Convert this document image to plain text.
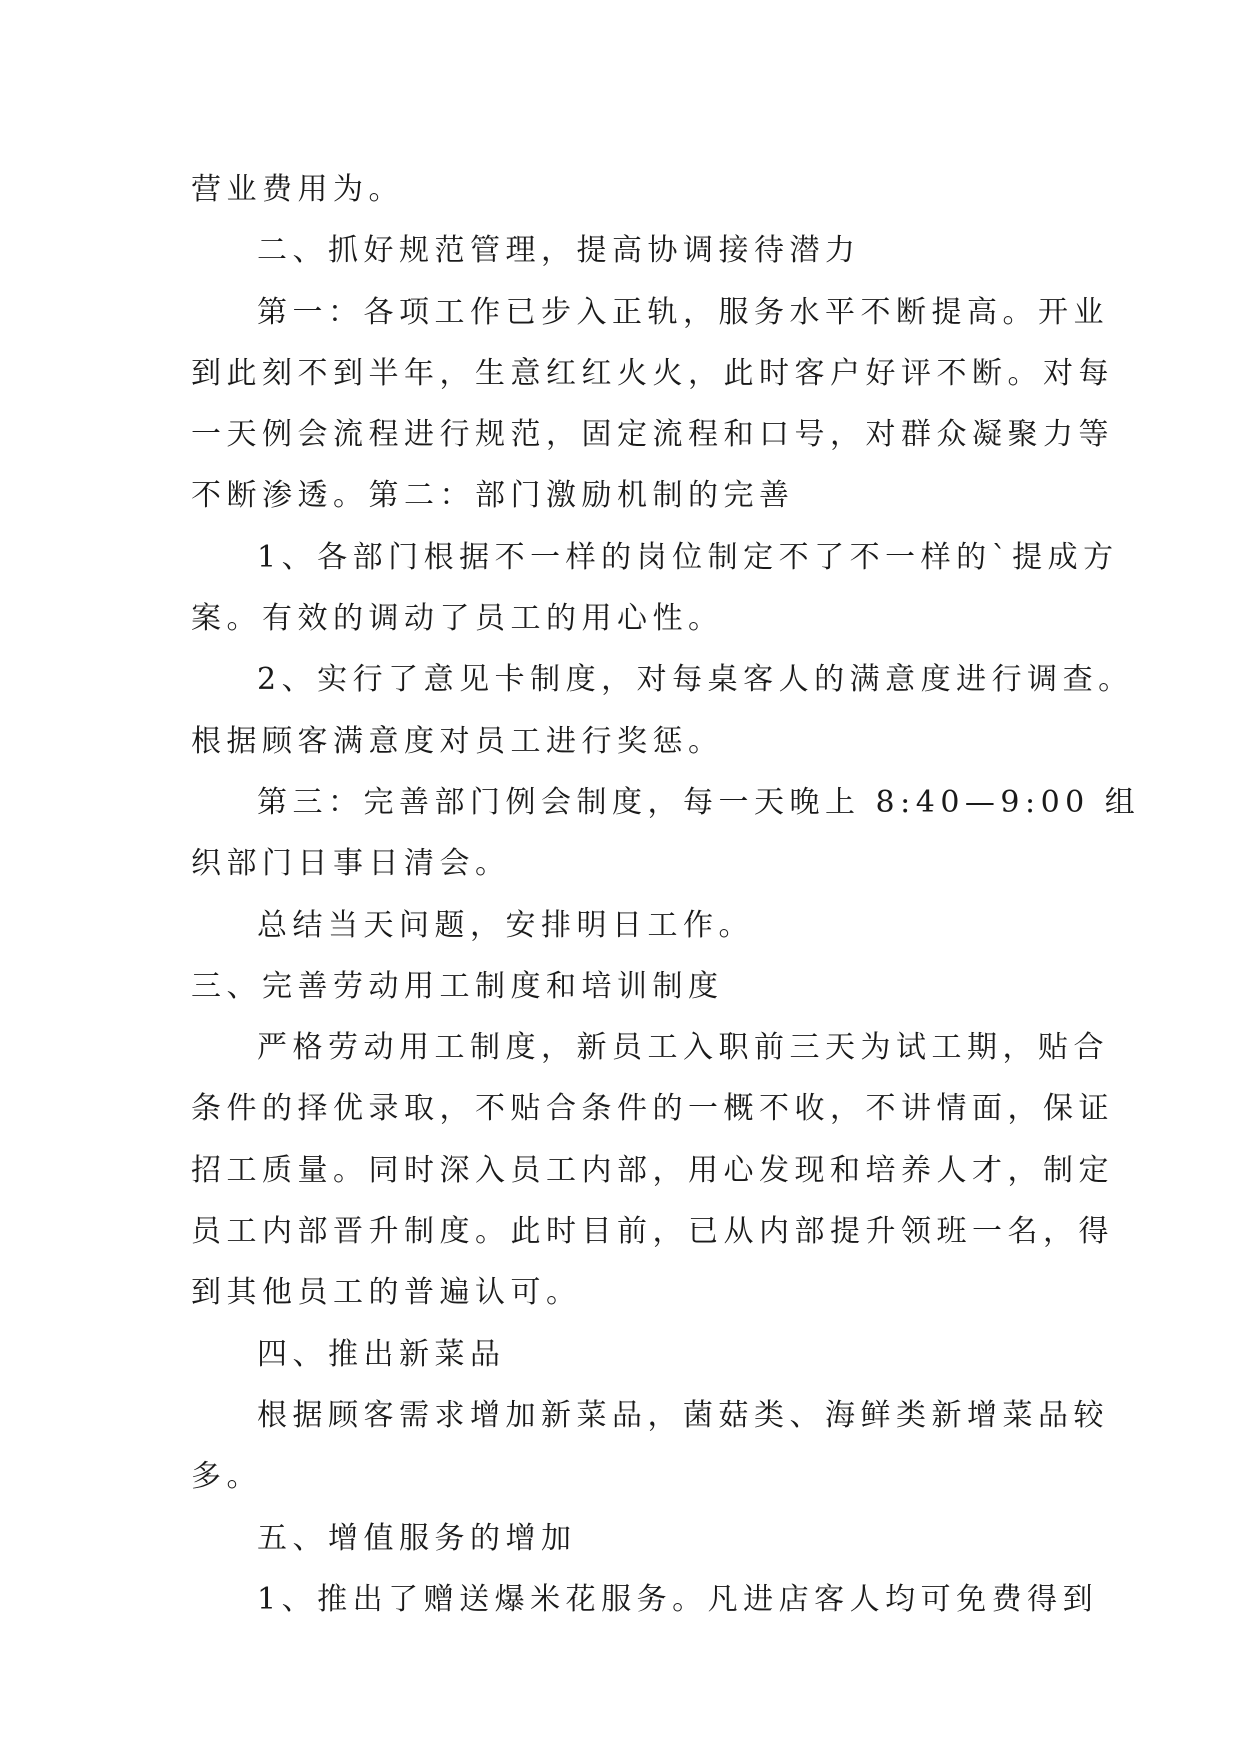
营业费用为。
二、抓好规范管理，提高协调接待潜力
第一：各项工作已步入正轨，服务水平不断提高。开业
到此刻不到半年，生意红红火火，此时客户好评不断。对每
一天例会流程进行规范，固定流程和口号，对群众凝聚力等
不断渗透。第二：部门激励机制的完善
1、各部门根据不一样的岗位制定不了不一样的`提成方
案。有效的调动了员工的用心性。
2、实行了意见卡制度，对每桌客人的满意度进行调查。
根据顾客满意度对员工进行奖惩。
第三：完善部门例会制度，每一天晚上 8:40—9:00 组
织部门日事日清会。
总结当天问题，安排明日工作。
三、完善劳动用工制度和培训制度
严格劳动用工制度，新员工入职前三天为试工期，贴合
条件的择优录取，不贴合条件的一概不收，不讲情面，保证
招工质量。同时深入员工内部，用心发现和培养人才，制定
员工内部晋升制度。此时目前，已从内部提升领班一名，得
到其他员工的普遍认可。
四、推出新菜品
根据顾客需求增加新菜品，菌菇类、海鲜类新增菜品较
多。
五、增值服务的增加
1、推出了赠送爆米花服务。凡进店客人均可免费得到
